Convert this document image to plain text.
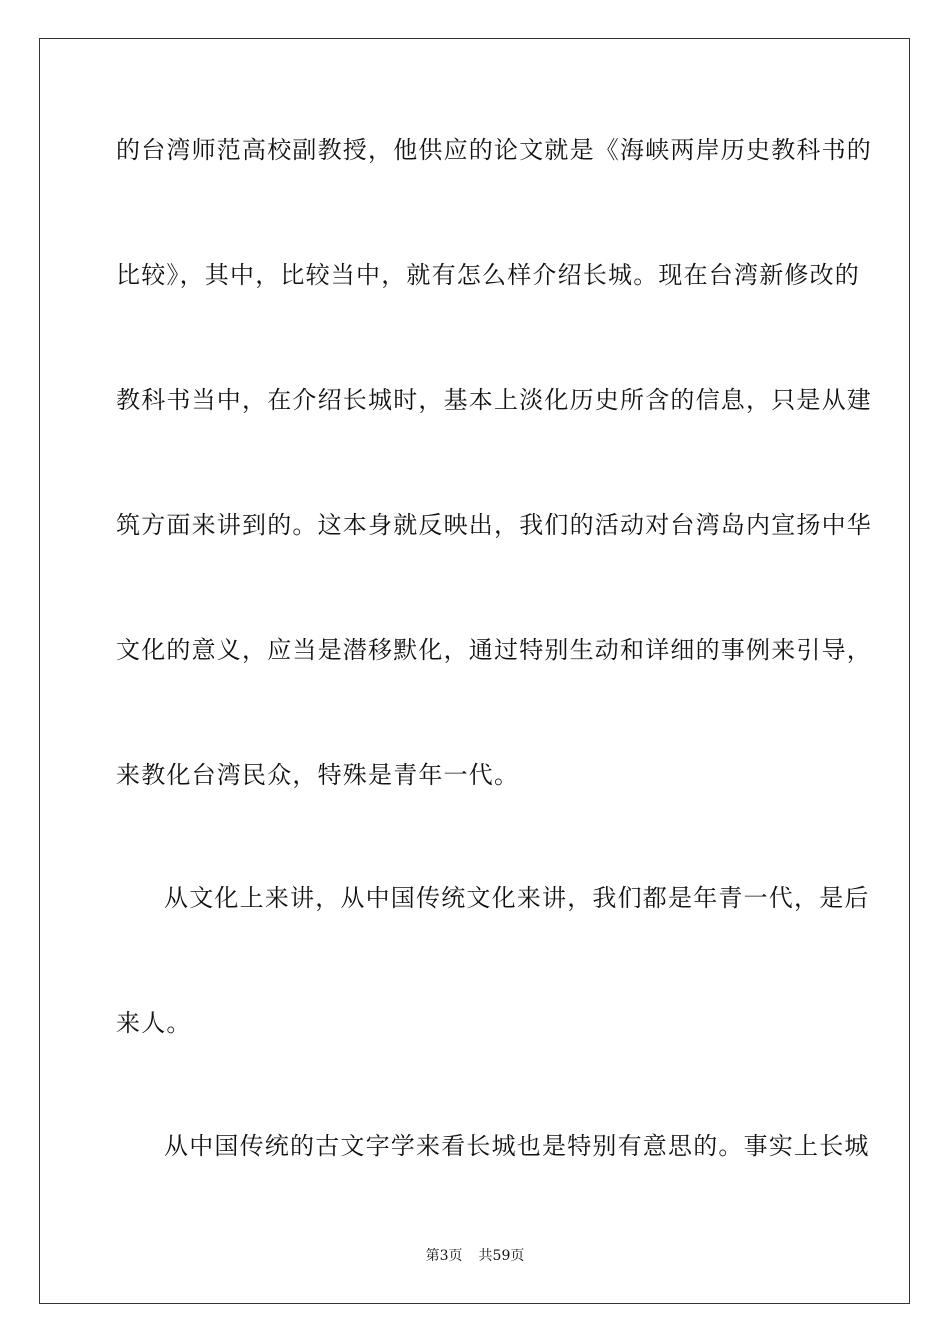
的台湾师范高校副教授，他供应的论文就是《海峡两岸历史教科书的
比较》，其中，比较当中，就有怎么样介绍长城。现在台湾新修改的
教科书当中，在介绍长城时，基本上淡化历史所含的信息，只是从建
筑方面来讲到的。这本身就反映出，我们的活动对台湾岛内宣扬中华
文化的意义，应当是潜移默化，通过特别生动和详细的事例来引导，
来教化台湾民众，特殊是青年一代。
从文化上来讲，从中国传统文化来讲，我们都是年青一代，是后
来人。
从中国传统的古文字学来看长城也是特别有意思的。事实上长城
第3页 共59页
